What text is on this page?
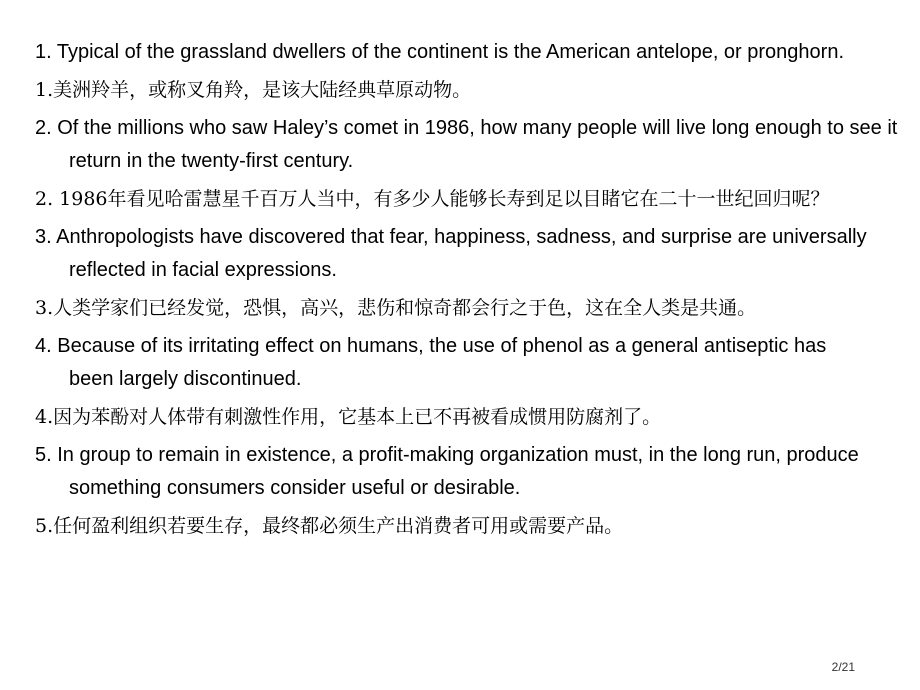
1. Typical of the grassland dwellers of the continent is the American antelope, or pronghorn.
1.美洲羚羊，或称叉角羚，是该大陆经典草原动物。
2. Of the millions who saw Haley’s comet in 1986, how many people will live long enough to see it return in the twenty-first century.
2. 1986年看见哈雷慧星千百万人当中，有多少人能够长寿到足以目睹它在二十一世纪回归呢？
3. Anthropologists have discovered that fear, happiness, sadness, and surprise are universally reflected in facial expressions.
3.人类学家们已经发觉，恐惧，高兴，悲伤和惊奇都会行之于色，这在全人类是共通。
4. Because of its irritating effect on humans, the use of phenol as a general antiseptic has been largely discontinued.
4.因为苯酚对人体带有刺激性作用，它基本上已不再被看成惯用防腐剂了。
5. In group to remain in existence, a profit-making organization must, in the long run, produce something consumers consider useful or desirable.
5.任何盈利组织若要生存，最终都必须生产出消费者可用或需要产品。
2/21
